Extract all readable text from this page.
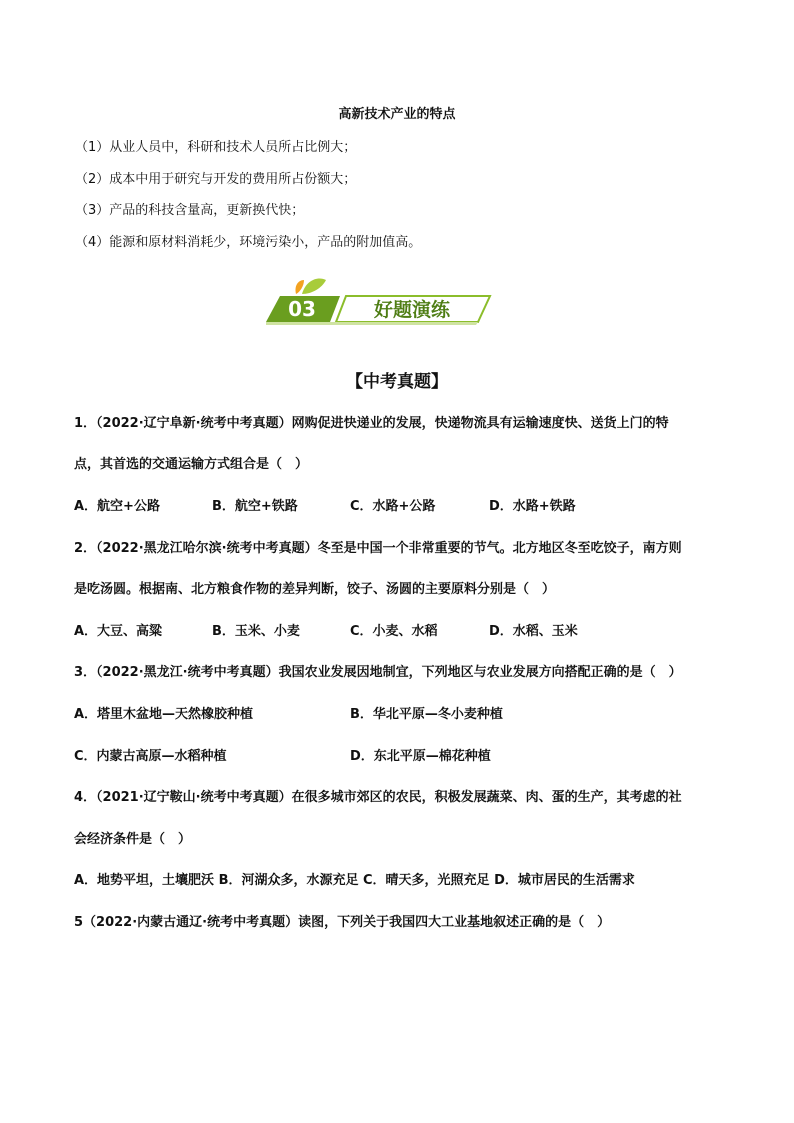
高新技术产业的特点
（1）从业人员中，科研和技术人员所占比例大；
（2）成本中用于研究与开发的费用所占份额大；
（3）产品的科技含量高，更新换代快；
（4）能源和原材料消耗少，环境污染小，产品的附加值高。
03	好题演练
【中考真题】
1．（2022·辽宁阜新·统考中考真题）网购促进快递业的发展，快递物流具有运输速度快、送货上门的特
点，其首选的交通运输方式组合是（　）
A．航空+公路	B．航空+铁路	C．水路+公路	D．水路+铁路
2．（2022·黑龙江哈尔滨·统考中考真题）冬至是中国一个非常重要的节气。北方地区冬至吃饺子，南方则
是吃汤圆。根据南、北方粮食作物的差异判断，饺子、汤圆的主要原料分别是（　）
A．大豆、高粱	B．玉米、小麦	C．小麦、水稻	D．水稻、玉米
3．（2022·黑龙江·统考中考真题）我国农业发展因地制宜，下列地区与农业发展方向搭配正确的是（　）
A．塔里木盆地—天然橡胶种植	B．华北平原—冬小麦种植
C．内蒙古高原—水稻种植	D．东北平原—棉花种植
4．（2021·辽宁鞍山·统考中考真题）在很多城市郊区的农民，积极发展蔬菜、肉、蛋的生产，其考虑的社
会经济条件是（　）
A．地势平坦，土壤肥沃 B．河湖众多，水源充足 C．晴天多，光照充足 D．城市居民的生活需求
5（2022·内蒙古通辽·统考中考真题）读图，下列关于我国四大工业基地叙述正确的是（　）
